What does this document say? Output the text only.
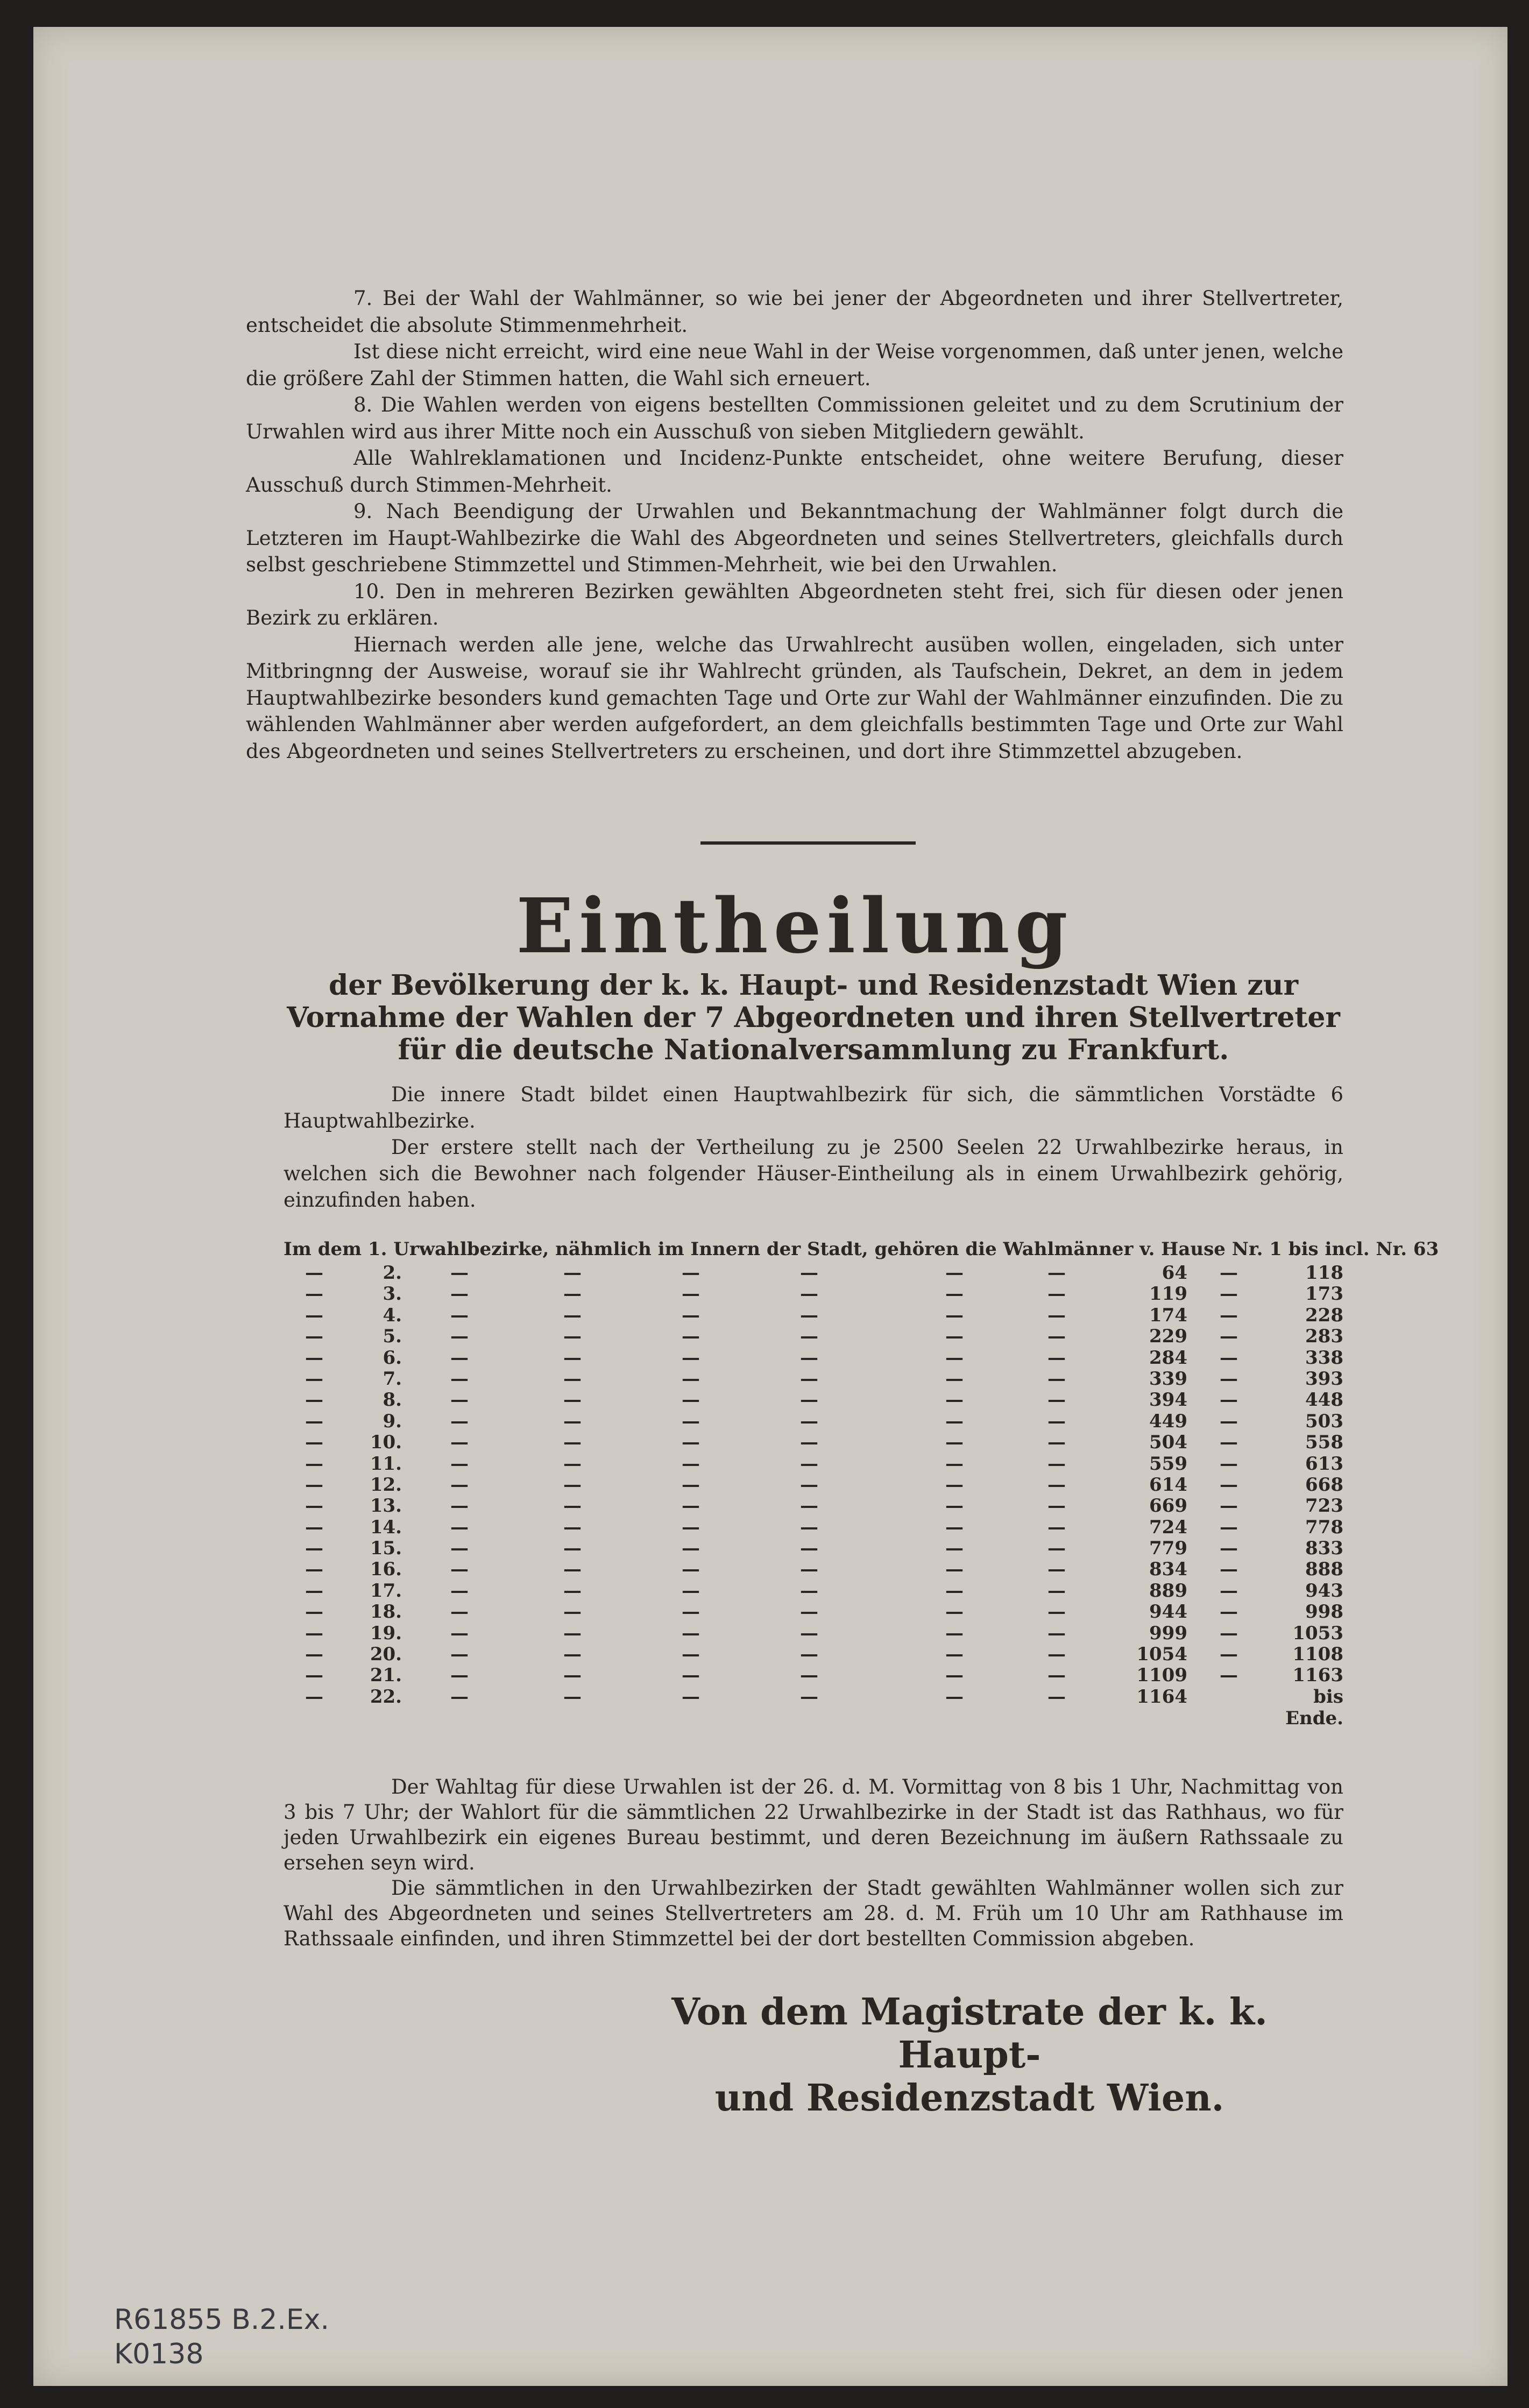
7. Bei der Wahl der Wahlmänner, so wie bei jener der Abgeordneten und ihrer Stellvertreter, entscheidet die absolute Stimmenmehrheit.

Ist diese nicht erreicht, wird eine neue Wahl in der Weise vorgenommen, daß unter jenen, welche die größere Zahl der Stimmen hatten, die Wahl sich erneuert.

8. Die Wahlen werden von eigens bestellten Commissionen geleitet und zu dem Scrutinium der Urwahlen wird aus ihrer Mitte noch ein Ausschuß von sieben Mitgliedern gewählt.

Alle Wahlreklamationen und Incidenz-Punkte entscheidet, ohne weitere Berufung, dieser Ausschuß durch Stimmen-Mehrheit.

9. Nach Beendigung der Urwahlen und Bekanntmachung der Wahlmänner folgt durch die Letzteren im Haupt-Wahlbezirke die Wahl des Abgeordneten und seines Stellvertreters, gleichfalls durch selbst geschriebene Stimmzettel und Stimmen-Mehrheit, wie bei den Urwahlen.

10. Den in mehreren Bezirken gewählten Abgeordneten steht frei, sich für diesen oder jenen Bezirk zu erklären.

Hiernach werden alle jene, welche das Urwahlrecht ausüben wollen, eingeladen, sich unter Mitbringnng der Ausweise, worauf sie ihr Wahlrecht gründen, als Taufschein, Dekret, an dem in jedem Hauptwahlbezirke besonders kund gemachten Tage und Orte zur Wahl der Wahlmänner einzufinden. Die zu wählenden Wahlmänner aber werden aufgefordert, an dem gleichfalls bestimmten Tage und Orte zur Wahl des Abgeordneten und seines Stellvertreters zu erscheinen, und dort ihre Stimmzettel abzugeben.

Eintheilung
der Bevölkerung der k. k. Haupt- und Residenzstadt Wien zur Vornahme der Wahlen der 7 Abgeordneten und ihren Stellvertreter für die deutsche Nationalversammlung zu Frankfurt.

Die innere Stadt bildet einen Hauptwahlbezirk für sich, die sämmtlichen Vorstädte 6 Hauptwahlbezirke.

Der erstere stellt nach der Vertheilung zu je 2500 Seelen 22 Urwahlbezirke heraus, in welchen sich die Bewohner nach folgender Häuser-Eintheilung als in einem Urwahlbezirk gehörig, einzufinden haben.

Im dem 1. Urwahlbezirke, nähmlich im Innern der Stadt, gehören die Wahlmänner v. Hause Nr. 1 bis incl. Nr. 63
—	2.	—	—	—	—	—	—	64 —	118
—	3.	—	—	—	—	—	—	119 —	173
—	4.	—	—	—	—	—	—	174 —	228
—	5.	—	—	—	—	—	—	229 —	283
—	6.	—	—	—	—	—	—	284 —	338
—	7.	—	—	—	—	—	—	339 —	393
—	8.	—	—	—	—	—	—	394 —	448
—	9.	—	—	—	—	—	—	449 —	503
—	10.	—	—	—	—	—	—	504 —	558
—	11.	—	—	—	—	—	—	559 —	613
—	12.	—	—	—	—	—	—	614 —	668
—	13.	—	—	—	—	—	—	669 —	723
—	14.	—	—	—	—	—	—	724 —	778
—	15.	—	—	—	—	—	—	779 —	833
—	16.	—	—	—	—	—	—	834 —	888
—	17.	—	—	—	—	—	—	889 —	943
—	18.	—	—	—	—	—	—	944 —	998
—	19.	—	—	—	—	—	—	999 —	1053
—	20.	—	—	—	—	—	—	1054 —	1108
—	21.	—	—	—	—	—	—	1109 —	1163
—	22.	—	—	—	—	—	—	1164	bis Ende.

Der Wahltag für diese Urwahlen ist der 26. d. M. Vormittag von 8 bis 1 Uhr, Nachmittag von 3 bis 7 Uhr; der Wahlort für die sämmtlichen 22 Urwahlbezirke in der Stadt ist das Rathhaus, wo für jeden Urwahlbezirk ein eigenes Bureau bestimmt, und deren Bezeichnung im äußern Rathssaale zu ersehen seyn wird.

Die sämmtlichen in den Urwahlbezirken der Stadt gewählten Wahlmänner wollen sich zur Wahl des Abgeordneten und seines Stellvertreters am 28. d. M. Früh um 10 Uhr am Rathhause im Rathssaale einfinden, und ihren Stimmzettel bei der dort bestellten Commission abgeben.

Von dem Magistrate der k. k. Haupt-
und Residenzstadt Wien.
R61855 B.2.Ex.
K0138
